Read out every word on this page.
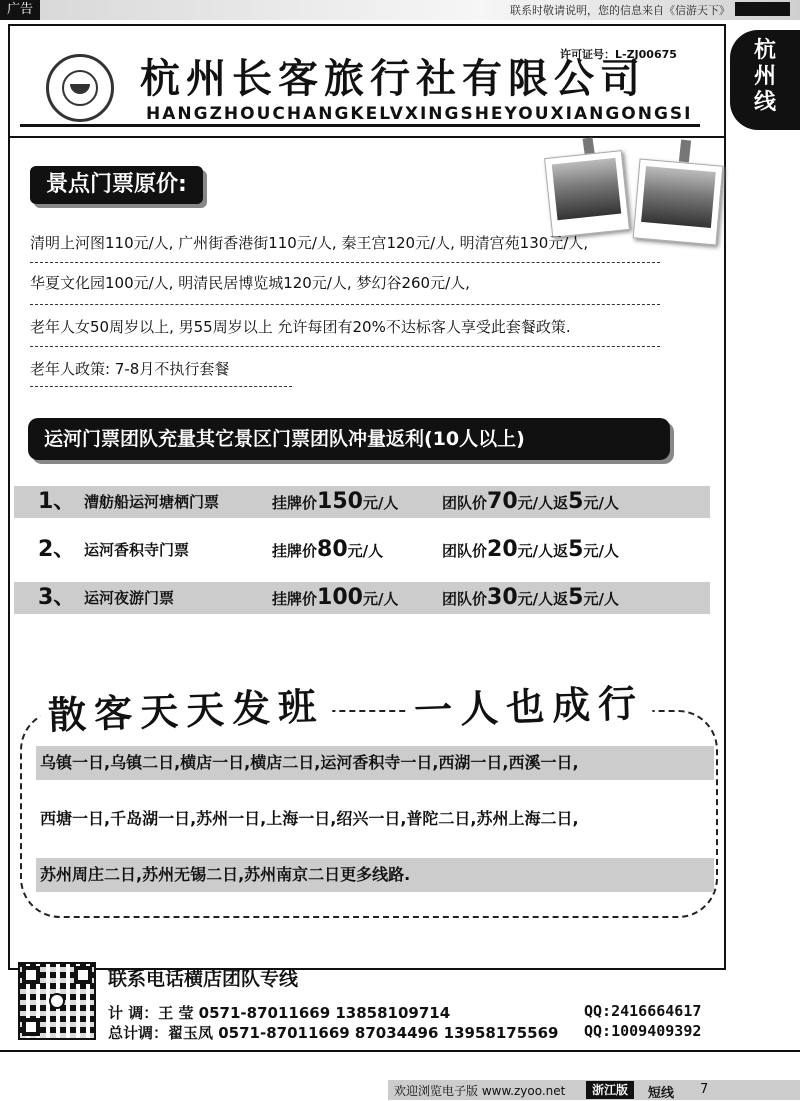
广告	联系时敬请说明，您的信息来自《信游天下》
杭
州
线
许可证号：L-ZJ00675
杭州长客旅行社有限公司
HANGZHOUCHANGKELVXINGSHEYOUXIANGONGSI
景点门票原价:
清明上河图110元/人, 广州街香港街110元/人, 秦王宫120元/人, 明清宫苑130元/人,
华夏文化园100元/人, 明清民居博览城120元/人, 梦幻谷260元/人,
老年人女50周岁以上, 男55周岁以上 允许每团有20%不达标客人享受此套餐政策.
老年人政策: 7-8月不执行套餐
运河门票团队充量其它景区门票团队冲量返利(10人以上)
1、 漕舫船运河塘栖门票	挂牌价150元/人	团队价70元/人返5元/人
2、 运河香积寺门票	挂牌价80元/人	团队价20元/人返5元/人
3、 运河夜游门票	挂牌价100元/人	团队价30元/人返5元/人
散客天天发班 一人也成行
乌镇一日,乌镇二日,横店一日,横店二日,运河香积寺一日,西湖一日,西溪一日,
西塘一日,千岛湖一日,苏州一日,上海一日,绍兴一日,普陀二日,苏州上海二日,
苏州周庄二日,苏州无锡二日,苏州南京二日更多线路.
联系电话横店团队专线
计 调：王 莹 0571-87011669 13858109714	QQ:2416664617
总计调：翟玉凤 0571-87011669 87034496 13958175569 QQ:1009409392
欢迎浏览电子版 www.zyoo.net	浙江版	短线 7
